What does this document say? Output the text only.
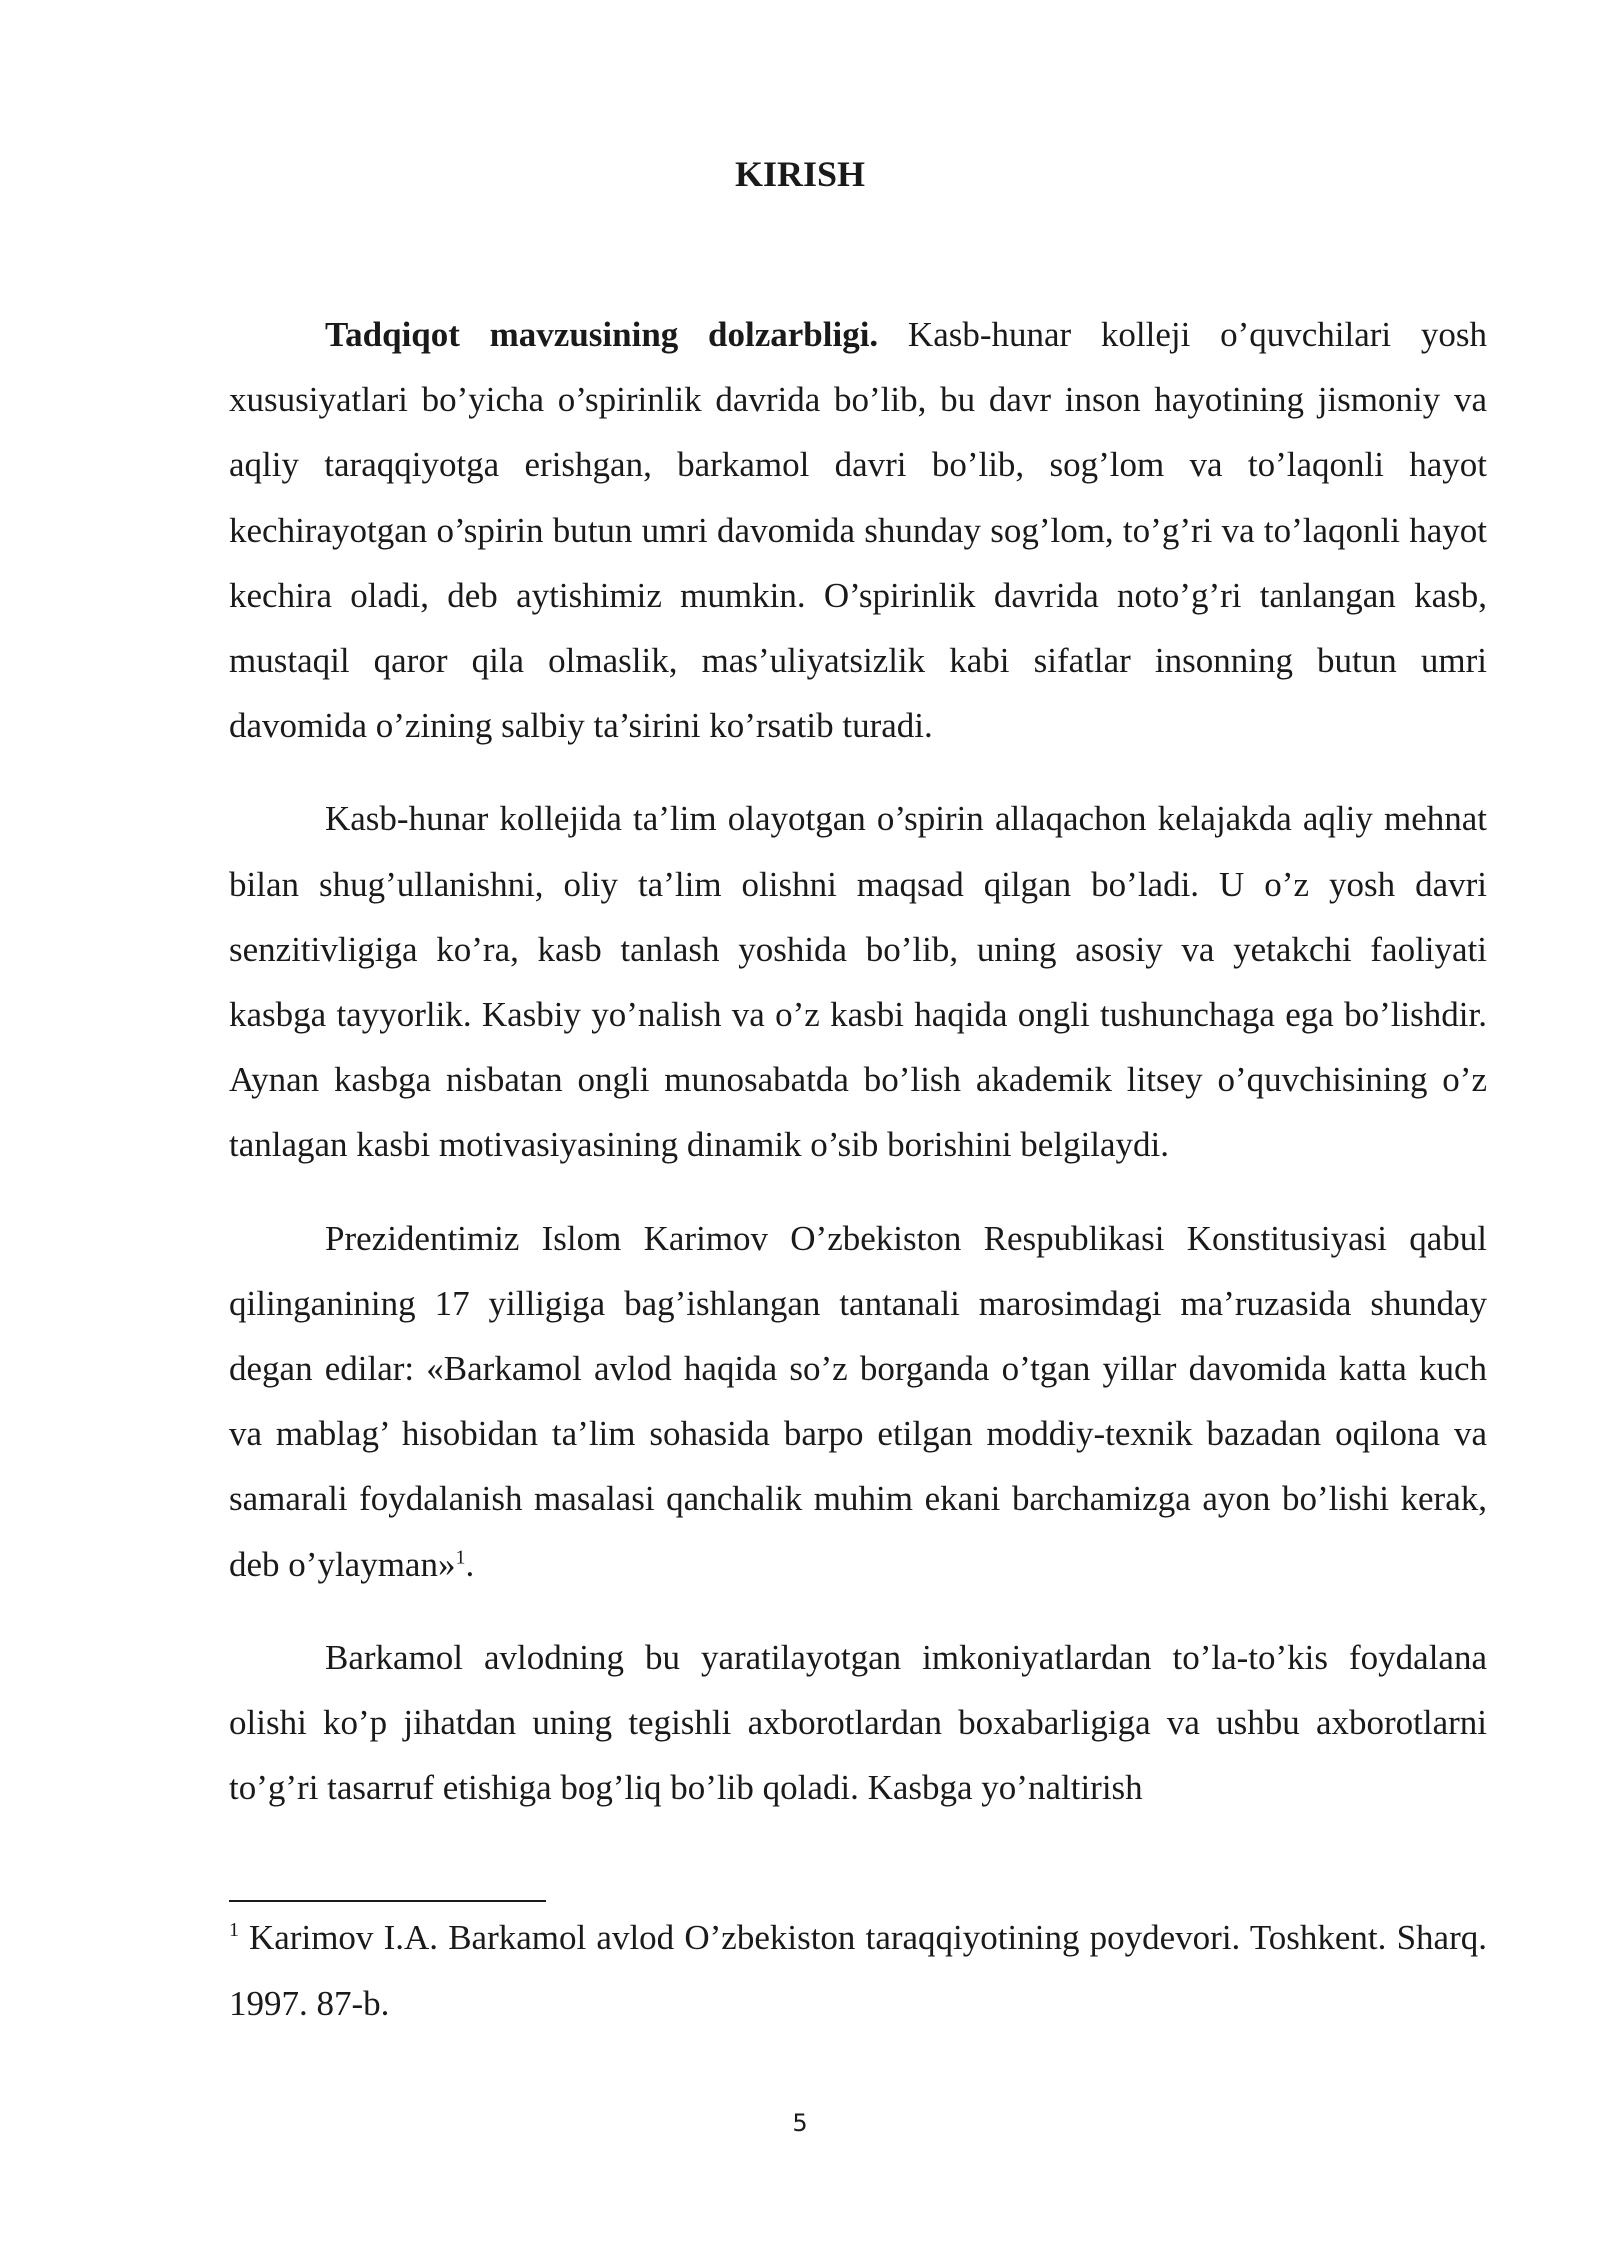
KIRISH

Tadqiqot mavzusining dolzarbligi. Kasb-hunar kolleji o’quvchilari yosh xususiyatlari bo’yicha o’spirinlik davrida bo’lib, bu davr inson hayotining jismoniy va aqliy taraqqiyotga erishgan, barkamol davri bo’lib, sog’lom va to’laqonli hayot kechirayotgan o’spirin butun umri davomida shunday sog’lom, to’g’ri va to’laqonli hayot kechira oladi, deb aytishimiz mumkin. O’spirinlik davrida noto’g’ri tanlangan kasb, mustaqil qaror qila olmaslik, mas’uliyatsizlik kabi sifatlar insonning butun umri davomida o’zining salbiy ta’sirini ko’rsatib turadi.

Kasb-hunar kollejida ta’lim olayotgan o’spirin allaqachon kelajakda aqliy mehnat bilan shug’ullanishni, oliy ta’lim olishni maqsad qilgan bo’ladi. U o’z yosh davri senzitivligiga ko’ra, kasb tanlash yoshida bo’lib, uning asosiy va yetakchi faoliyati kasbga tayyorlik. Kasbiy yo’nalish va o’z kasbi haqida ongli tushunchaga ega bo’lishdir. Aynan kasbga nisbatan ongli munosabatda bo’lish akademik litsey o’quvchisining o’z tanlagan kasbi motivasiyasining dinamik o’sib borishini belgilaydi.

Prezidentimiz Islom Karimov O’zbekiston Respublikasi Konstitusiyasi qabul qilinganining 17 yilligiga bag’ishlangan tantanali marosimdagi ma’ruzasida shunday degan edilar: «Barkamol avlod haqida so’z borganda o’tgan yillar davomida katta kuch va mablag’ hisobidan ta’lim sohasida barpo etilgan moddiy-texnik bazadan oqilona va samarali foydalanish masalasi qanchalik muhim ekani barchamizga ayon bo’lishi kerak, deb o’ylayman»$^1$.

Barkamol avlodning bu yaratilayotgan imkoniyatlardan to’la-to’kis foydalana olishi ko’p jihatdan uning tegishli axborotlardan boxabarligiga va ushbu axborotlarni to’g’ri tasarruf etishiga bog’liq bo’lib qoladi. Kasbga yo’naltirish

$^1$ Karimov I.A. Barkamol avlod O’zbekiston taraqqiyotining poydevori. Toshkent. Sharq. 1997. 87-b.

5
